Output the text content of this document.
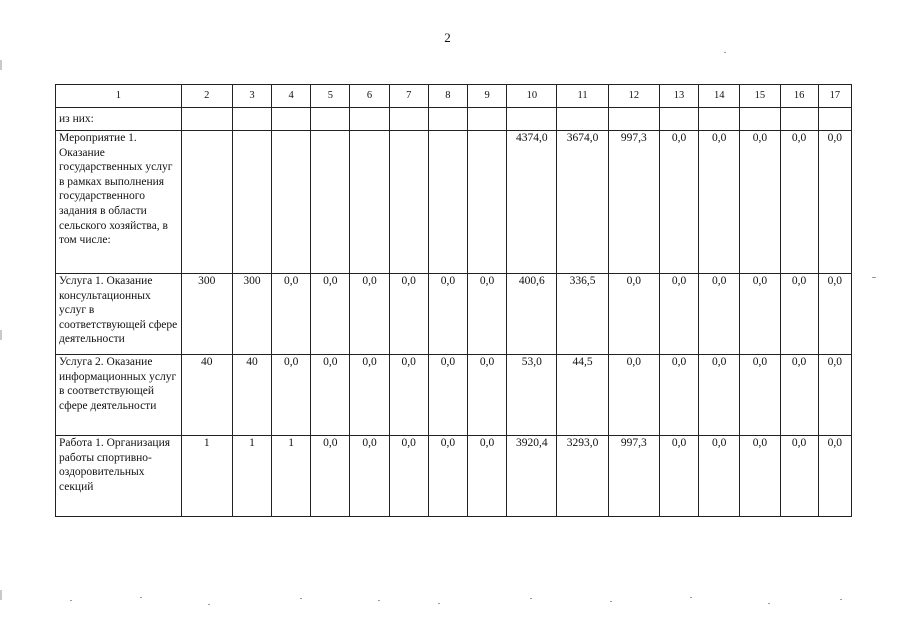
2
1	2	3	4	5	6	7	8	9	10	11	12	13	14	15	16	17
из них:																
Мероприятие 1. Оказание государственных услуг в рамках выполнения государственного задания в области сельского хозяйства, в том числе:									4374,0	3674,0	997,3	0,0	0,0	0,0	0,0	0,0
Услуга 1. Оказание консультационных услуг в соответствующей сфере деятельности	300	300	0,0	0,0	0,0	0,0	0,0	0,0	400,6	336,5	0,0	0,0	0,0	0,0	0,0	0,0
Услуга 2. Оказание информационных услуг в соответствующей сфере деятельности	40	40	0,0	0,0	0,0	0,0	0,0	0,0	53,0	44,5	0,0	0,0	0,0	0,0	0,0	0,0
Работа 1. Организация работы спортивно-оздоровительных секций	1	1	1	0,0	0,0	0,0	0,0	0,0	3920,4	3293,0	997,3	0,0	0,0	0,0	0,0	0,0
